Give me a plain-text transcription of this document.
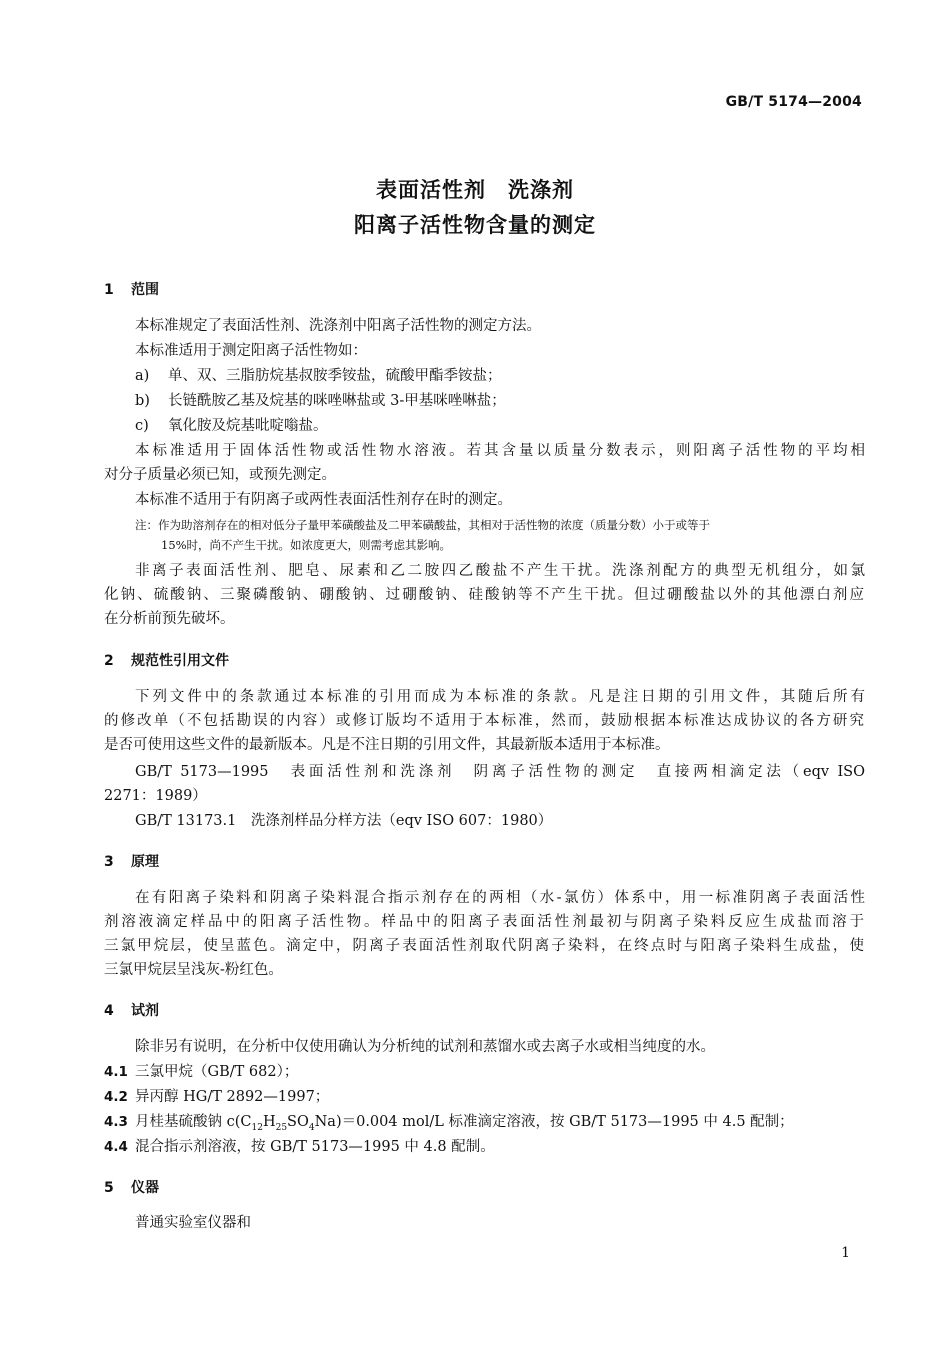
GB/T 5174—2004
表面活性剂　洗涤剂
阳离子活性物含量的测定
1 范围
本标准规定了表面活性剂、洗涤剂中阳离子活性物的测定方法。
本标准适用于测定阳离子活性物如：
a) 单、双、三脂肪烷基叔胺季铵盐，硫酸甲酯季铵盐；
b) 长链酰胺乙基及烷基的咪唑啉盐或 3-甲基咪唑啉盐；
c) 氧化胺及烷基吡啶嗡盐。
本标准适用于固体活性物或活性物水溶液。若其含量以质量分数表示，则阳离子活性物的平均相
对分子质量必须已知，或预先测定。
本标准不适用于有阴离子或两性表面活性剂存在时的测定。
注：作为助溶剂存在的相对低分子量甲苯磺酸盐及二甲苯磺酸盐，其相对于活性物的浓度（质量分数）小于或等于
15%时，尚不产生干扰。如浓度更大，则需考虑其影响。
非离子表面活性剂、肥皂、尿素和乙二胺四乙酸盐不产生干扰。洗涤剂配方的典型无机组分，如氯
化钠、硫酸钠、三聚磷酸钠、硼酸钠、过硼酸钠、硅酸钠等不产生干扰。但过硼酸盐以外的其他漂白剂应
在分析前预先破坏。
2 规范性引用文件
下列文件中的条款通过本标准的引用而成为本标准的条款。凡是注日期的引用文件，其随后所有
的修改单（不包括勘误的内容）或修订版均不适用于本标准，然而，鼓励根据本标准达成协议的各方研究
是否可使用这些文件的最新版本。凡是不注日期的引用文件，其最新版本适用于本标准。
GB/T 5173—1995　表面活性剂和洗涤剂　阴离子活性物的测定　直接两相滴定法（eqv ISO
2271：1989）
GB/T 13173.1　洗涤剂样品分样方法（eqv ISO 607：1980）
3 原理
在有阳离子染料和阴离子染料混合指示剂存在的两相（水-氯仿）体系中，用一标准阴离子表面活性
剂溶液滴定样品中的阳离子活性物。样品中的阳离子表面活性剂最初与阴离子染料反应生成盐而溶于
三氯甲烷层，使呈蓝色。滴定中，阴离子表面活性剂取代阴离子染料，在终点时与阳离子染料生成盐，使
三氯甲烷层呈浅灰-粉红色。
4 试剂
除非另有说明，在分析中仅使用确认为分析纯的试剂和蒸馏水或去离子水或相当纯度的水。
4.1 三氯甲烷（GB/T 682）；
4.2 异丙醇 HG/T 2892—1997；
4.3 月桂基硫酸钠 $c(C_{12}H_{25}SO_4Na)=0.004$ mol/L 标准滴定溶液，按 GB/T 5173—1995 中 4.5 配制；
4.4 混合指示剂溶液，按 GB/T 5173—1995 中 4.8 配制。
5 仪器
普通实验室仪器和
1
